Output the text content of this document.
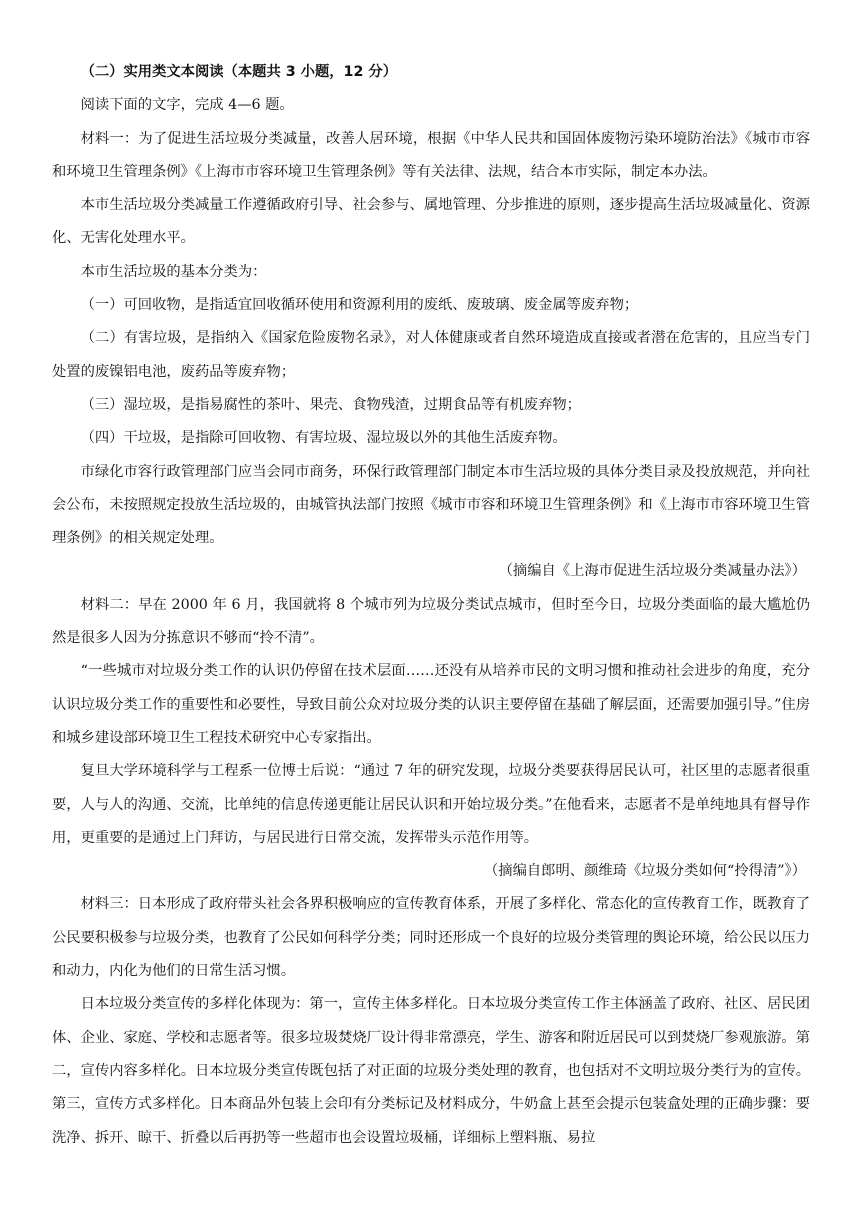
（二）实用类文本阅读（本题共 3 小题，12 分）

阅读下面的文字，完成 4—6 题。

材料一：为了促进生活垃圾分类减量，改善人居环境，根据《中华人民共和国固体废物污染环境防治法》《城市市容和环境卫生管理条例》《上海市市容环境卫生管理条例》等有关法律、法规，结合本市实际，制定本办法。

本市生活垃圾分类减量工作遵循政府引导、社会参与、属地管理、分步推进的原则，逐步提高生活垃圾减量化、资源化、无害化处理水平。

本市生活垃圾的基本分类为：

（一）可回收物，是指适宜回收循环使用和资源利用的废纸、废玻璃、废金属等废弃物；

（二）有害垃圾，是指纳入《国家危险废物名录》，对人体健康或者自然环境造成直接或者潜在危害的，且应当专门处置的废镍铝电池，废药品等废弃物；

（三）湿垃圾，是指易腐性的茶叶、果壳、食物残渣，过期食品等有机废弃物；

（四）干垃圾，是指除可回收物、有害垃圾、湿垃圾以外的其他生活废弃物。

市绿化市容行政管理部门应当会同市商务，环保行政管理部门制定本市生活垃圾的具体分类目录及投放规范，并向社会公布，未按照规定投放生活垃圾的，由城管执法部门按照《城市市容和环境卫生管理条例》和《上海市市容环境卫生管理条例》的相关规定处理。

（摘编自《上海市促进生活垃圾分类减量办法》）

材料二：早在 2000 年 6 月，我国就将 8 个城市列为垃圾分类试点城市，但时至今日，垃圾分类面临的最大尴尬仍然是很多人因为分拣意识不够而“拎不清”。

“一些城市对垃圾分类工作的认识仍停留在技术层面……还没有从培养市民的文明习惯和推动社会进步的角度，充分认识垃圾分类工作的重要性和必要性，导致目前公众对垃圾分类的认识主要停留在基础了解层面，还需要加强引导。”住房和城乡建设部环境卫生工程技术研究中心专家指出。

复旦大学环境科学与工程系一位博士后说：“通过 7 年的研究发现，垃圾分类要获得居民认可，社区里的志愿者很重要，人与人的沟通、交流，比单纯的信息传递更能让居民认识和开始垃圾分类。”在他看来，志愿者不是单纯地具有督导作用，更重要的是通过上门拜访，与居民进行日常交流，发挥带头示范作用等。

（摘编自郎明、颜维琦《垃圾分类如何“拎得清”》）

材料三：日本形成了政府带头社会各界积极响应的宣传教育体系，开展了多样化、常态化的宣传教育工作，既教育了公民要积极参与垃圾分类，也教育了公民如何科学分类；同时还形成一个良好的垃圾分类管理的舆论环境，给公民以压力和动力，内化为他们的日常生活习惯。

日本垃圾分类宣传的多样化体现为：第一，宣传主体多样化。日本垃圾分类宣传工作主体涵盖了政府、社区、居民团体、企业、家庭、学校和志愿者等。很多垃圾焚烧厂设计得非常漂亮，学生、游客和附近居民可以到焚烧厂参观旅游。第二，宣传内容多样化。日本垃圾分类宣传既包括了对正面的垃圾分类处理的教育，也包括对不文明垃圾分类行为的宣传。第三，宣传方式多样化。日本商品外包装上会印有分类标记及材料成分，牛奶盒上甚至会提示包装盒处理的正确步骤：要洗净、拆开、晾干、折叠以后再扔等一些超市也会设置垃圾桶，详细标上塑料瓶、易拉
